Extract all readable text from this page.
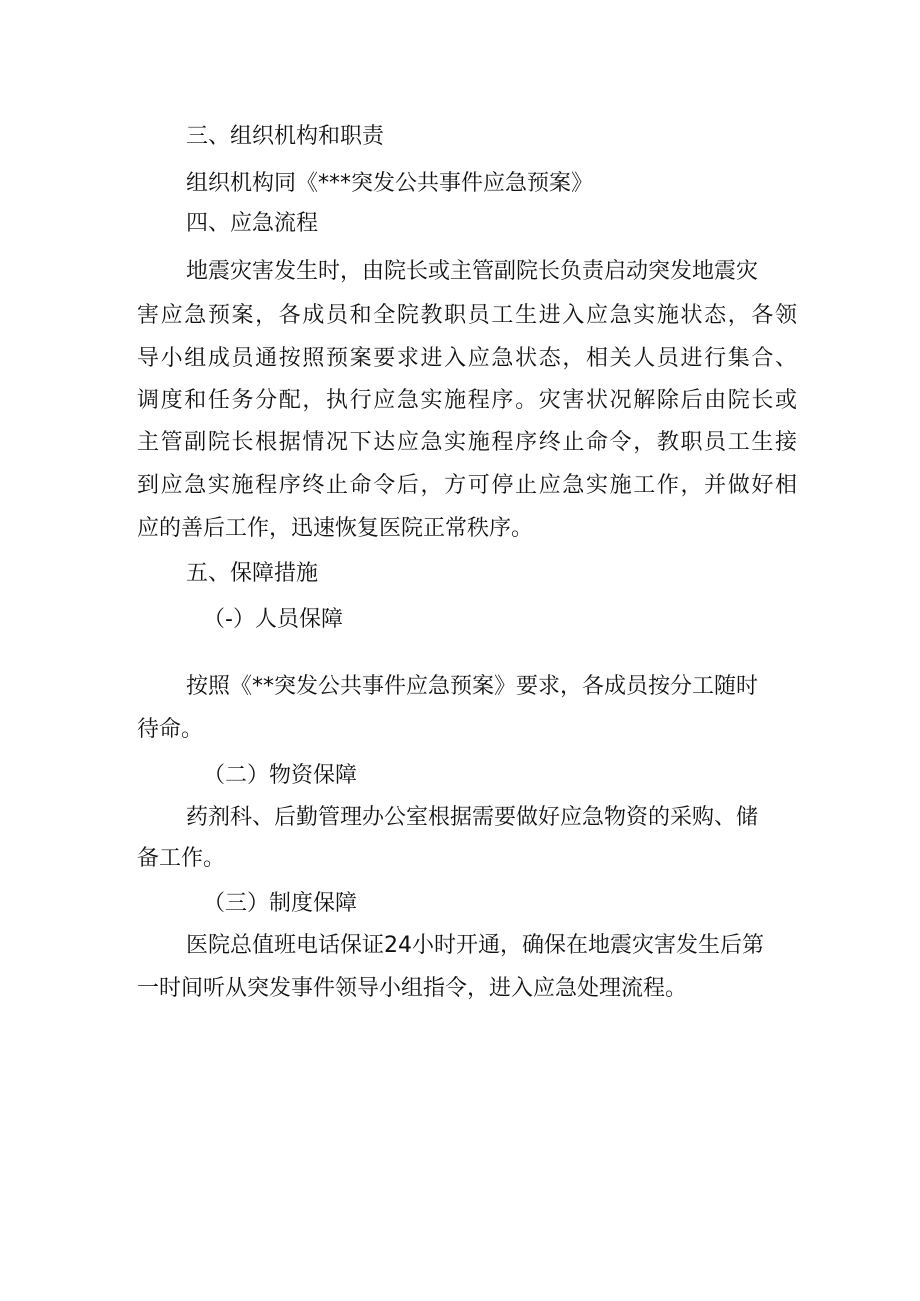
三、组织机构和职责
组织机构同《***突发公共事件应急预案》
四、应急流程
地震灾害发生时，由院长或主管副院长负责启动突发地震灾
害应急预案，各成员和全院教职员工生进入应急实施状态，各领
导小组成员通按照预案要求进入应急状态，相关人员进行集合、
调度和任务分配，执行应急实施程序。灾害状况解除后由院长或
主管副院长根据情况下达应急实施程序终止命令，教职员工生接
到应急实施程序终止命令后，方可停止应急实施工作，并做好相
应的善后工作，迅速恢复医院正常秩序。
五、保障措施
（-）人员保障
按照《**突发公共事件应急预案》要求，各成员按分工随时
待命。
（二）物资保障
药剂科、后勤管理办公室根据需要做好应急物资的采购、储
备工作。
（三）制度保障
医院总值班电话保证24小时开通，确保在地震灾害发生后第
一时间听从突发事件领导小组指令，进入应急处理流程。
